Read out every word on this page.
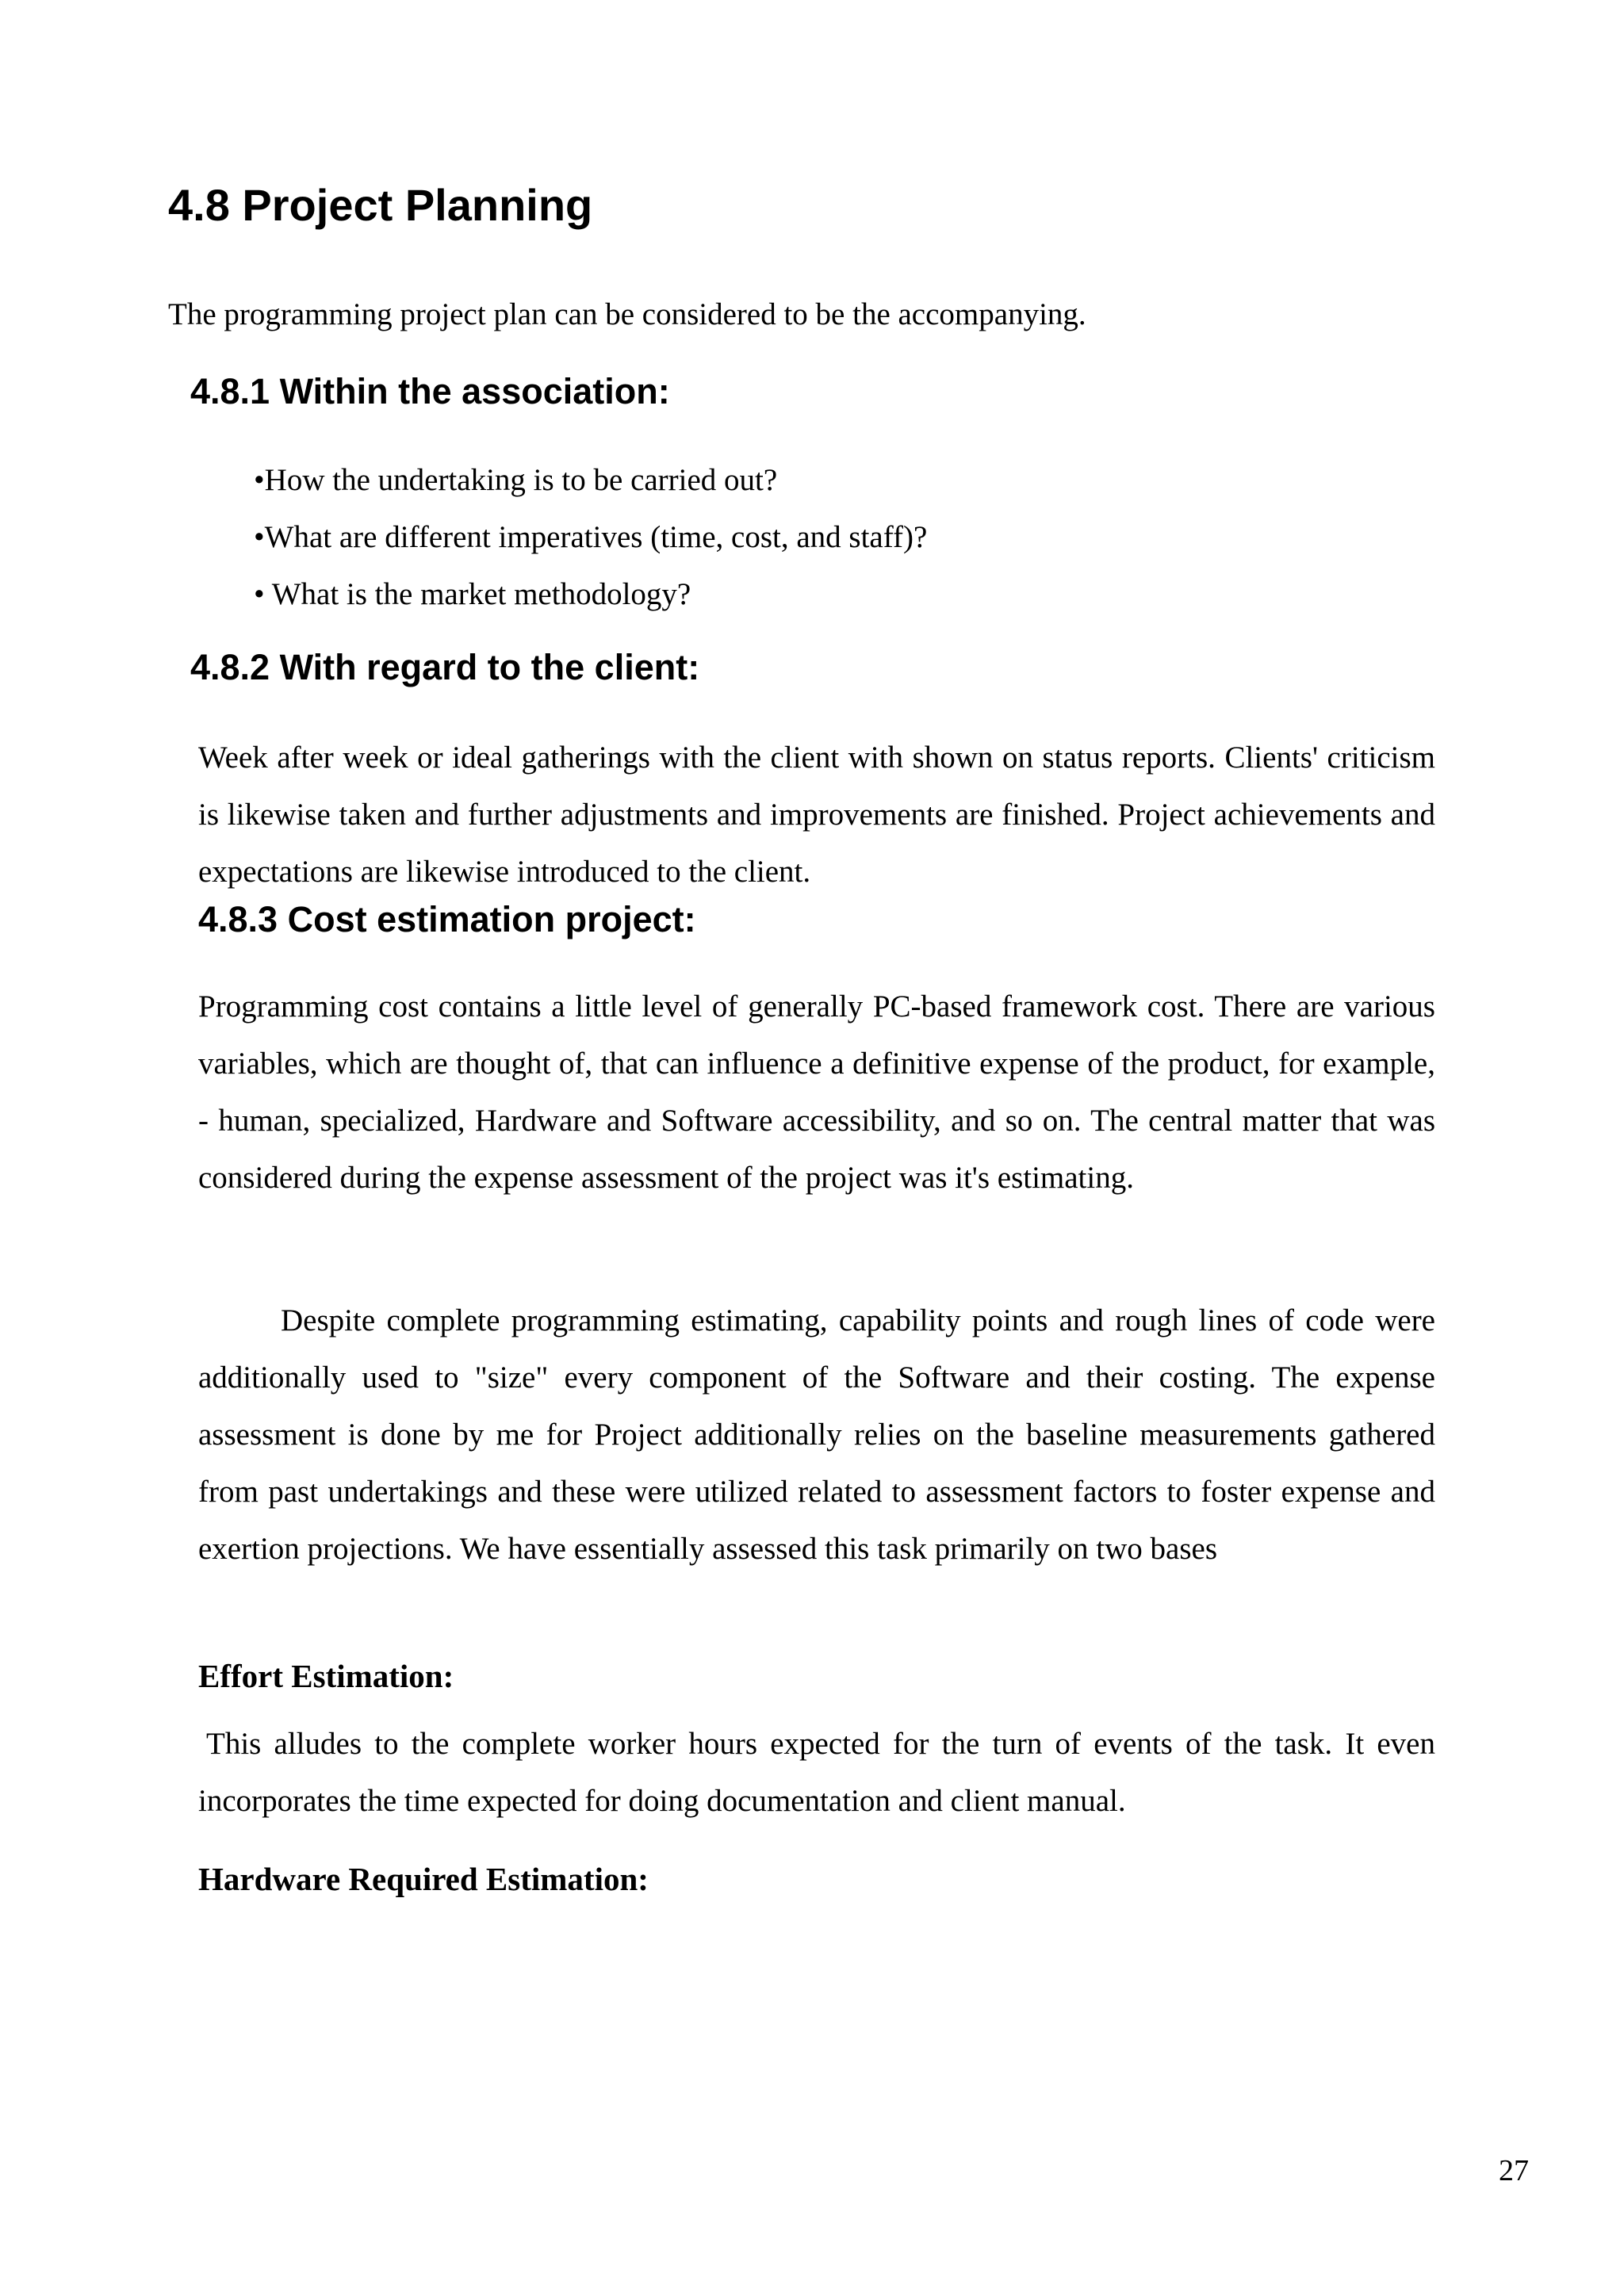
4.8 Project Planning

The programming project plan can be considered to be the accompanying.

4.8.1 Within the association:
•How the undertaking is to be carried out?
•What are different imperatives (time, cost, and staff)?
• What is the market methodology?
4.8.2 With regard to the client:

Week after week or ideal gatherings with the client with shown on status reports. Clients' criticism is likewise taken and further adjustments and improvements are finished. Project achievements and expectations are likewise introduced to the client.

4.8.3 Cost estimation project:

Programming cost contains a little level of generally PC-based framework cost. There are various variables, which are thought of, that can influence a definitive expense of the product, for example, - human, specialized, Hardware and Software accessibility, and so on. The central matter that was considered during the expense assessment of the project was it's estimating.

Despite complete programming estimating, capability points and rough lines of code were additionally used to "size" every component of the Software and their costing. The expense assessment is done by me for Project additionally relies on the baseline measurements gathered from past undertakings and these were utilized related to assessment factors to foster expense and exertion projections. We have essentially assessed this task primarily on two bases

Effort Estimation:

This alludes to the complete worker hours expected for the turn of events of the task. It even incorporates the time expected for doing documentation and client manual.

Hardware Required Estimation:
27
